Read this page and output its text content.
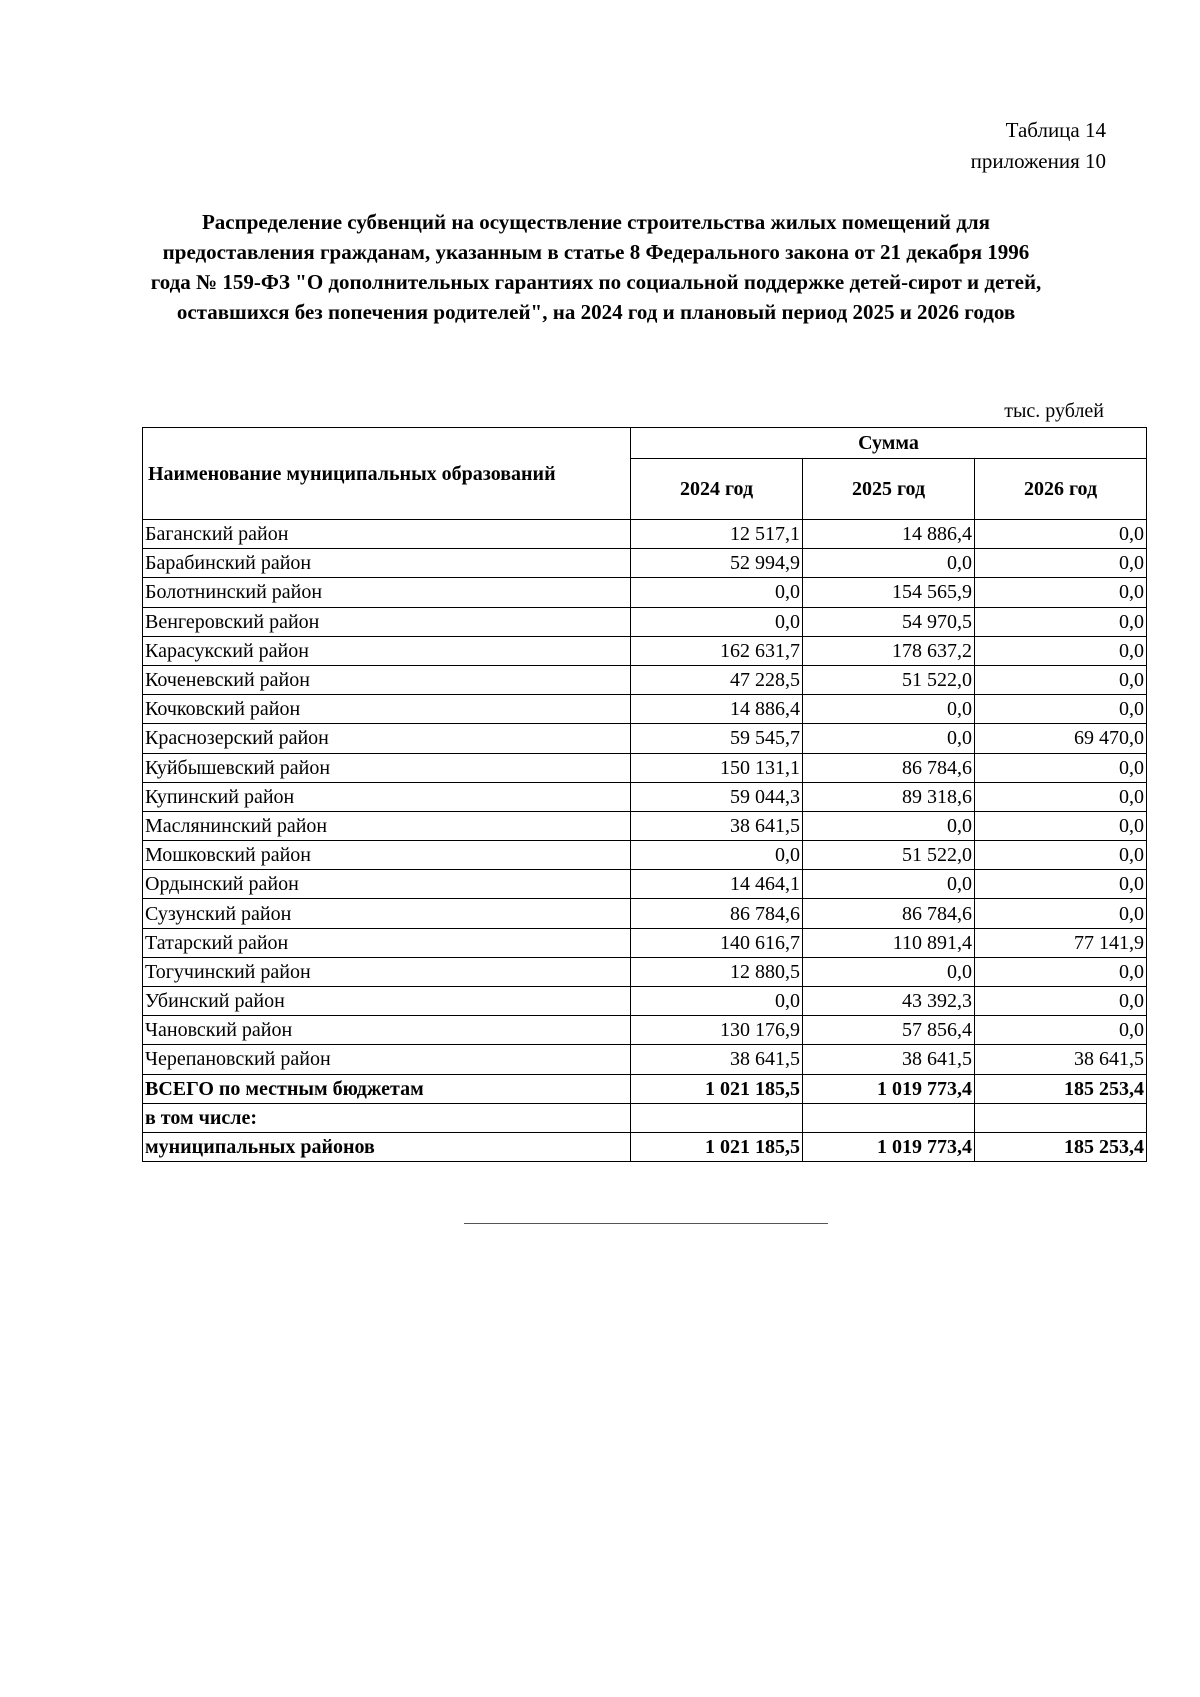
Таблица 14
приложения 10
Распределение субвенций на осуществление строительства жилых помещений для
предоставления гражданам, указанным в статье 8 Федерального закона от 21 декабря 1996
года № 159-ФЗ "О дополнительных гарантиях по социальной поддержке детей-сирот и детей,
оставшихся без попечения родителей", на 2024 год и плановый период 2025 и 2026 годов
тыс. рублей
Наименование муниципальных образований	Сумма		
	2024 год	2025 год	2026 год
Баганский район	12 517,1	14 886,4	0,0
Барабинский район	52 994,9	0,0	0,0
Болотнинский район	0,0	154 565,9	0,0
Венгеровский район	0,0	54 970,5	0,0
Карасукский район	162 631,7	178 637,2	0,0
Коченевский район	47 228,5	51 522,0	0,0
Кочковский район	14 886,4	0,0	0,0
Краснозерский район	59 545,7	0,0	69 470,0
Куйбышевский район	150 131,1	86 784,6	0,0
Купинский район	59 044,3	89 318,6	0,0
Маслянинский район	38 641,5	0,0	0,0
Мошковский район	0,0	51 522,0	0,0
Ордынский район	14 464,1	0,0	0,0
Сузунский район	86 784,6	86 784,6	0,0
Татарский район	140 616,7	110 891,4	77 141,9
Тогучинский район	12 880,5	0,0	0,0
Убинский район	0,0	43 392,3	0,0
Чановский район	130 176,9	57 856,4	0,0
Черепановский район	38 641,5	38 641,5	38 641,5
ВСЕГО по местным бюджетам	1 021 185,5	1 019 773,4	185 253,4
в том числе:			
муниципальных районов	1 021 185,5	1 019 773,4	185 253,4
